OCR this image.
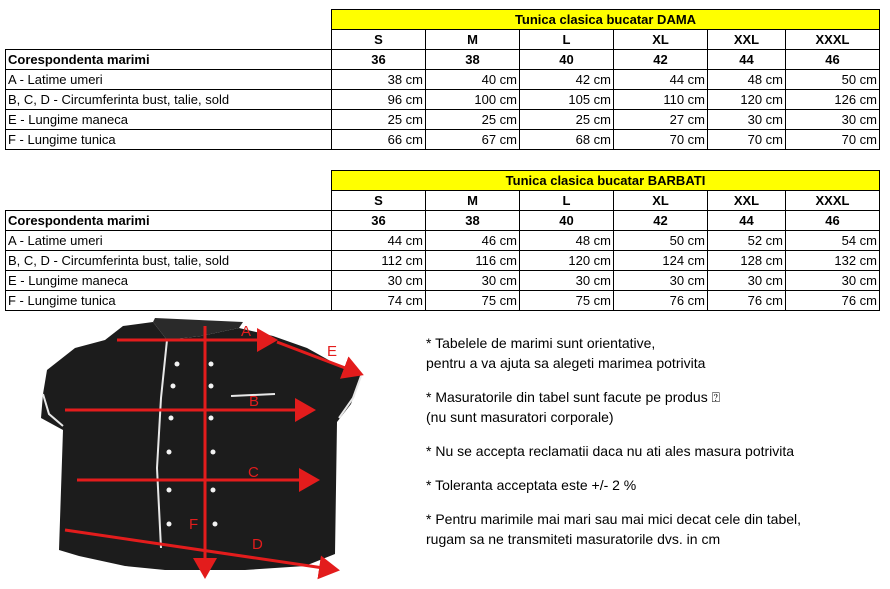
	Tunica clasica bucatar DAMA					
	S	M	L	XL	XXL	XXXL
Corespondenta marimi	36	38	40	42	44	46
A - Latime umeri	38 cm	40 cm	42 cm	44 cm	48 cm	50 cm
B, C, D - Circumferinta bust, talie, sold	96 cm	100 cm	105 cm	110 cm	120 cm	126 cm
E - Lungime maneca	25 cm	25 cm	25 cm	27 cm	30 cm	30 cm
F - Lungime tunica	66 cm	67 cm	68 cm	70 cm	70 cm	70 cm
	Tunica clasica bucatar BARBATI					
	S	M	L	XL	XXL	XXXL
Corespondenta marimi	36	38	40	42	44	46
A - Latime umeri	44 cm	46 cm	48 cm	50 cm	52 cm	54 cm
B, C, D - Circumferinta bust, talie, sold	112 cm	116 cm	120 cm	124 cm	128 cm	132 cm
E - Lungime maneca	30 cm	30 cm	30 cm	30 cm	30 cm	30 cm
F - Lungime tunica	74 cm	75 cm	75 cm	76 cm	76 cm	76 cm
A
E
B
C
F
D
* Tabelele de marimi sunt orientative,
pentru a va ajuta sa alegeti marimea potrivita
* Masuratorile din tabel sunt facute pe produs ⍰
(nu sunt masuratori corporale)
* Nu se accepta reclamatii daca nu ati ales masura potrivita
* Toleranta acceptata este +/- 2 %
* Pentru marimile mai mari sau mai mici decat cele din tabel,
rugam sa ne transmiteti masuratorile dvs. in cm
